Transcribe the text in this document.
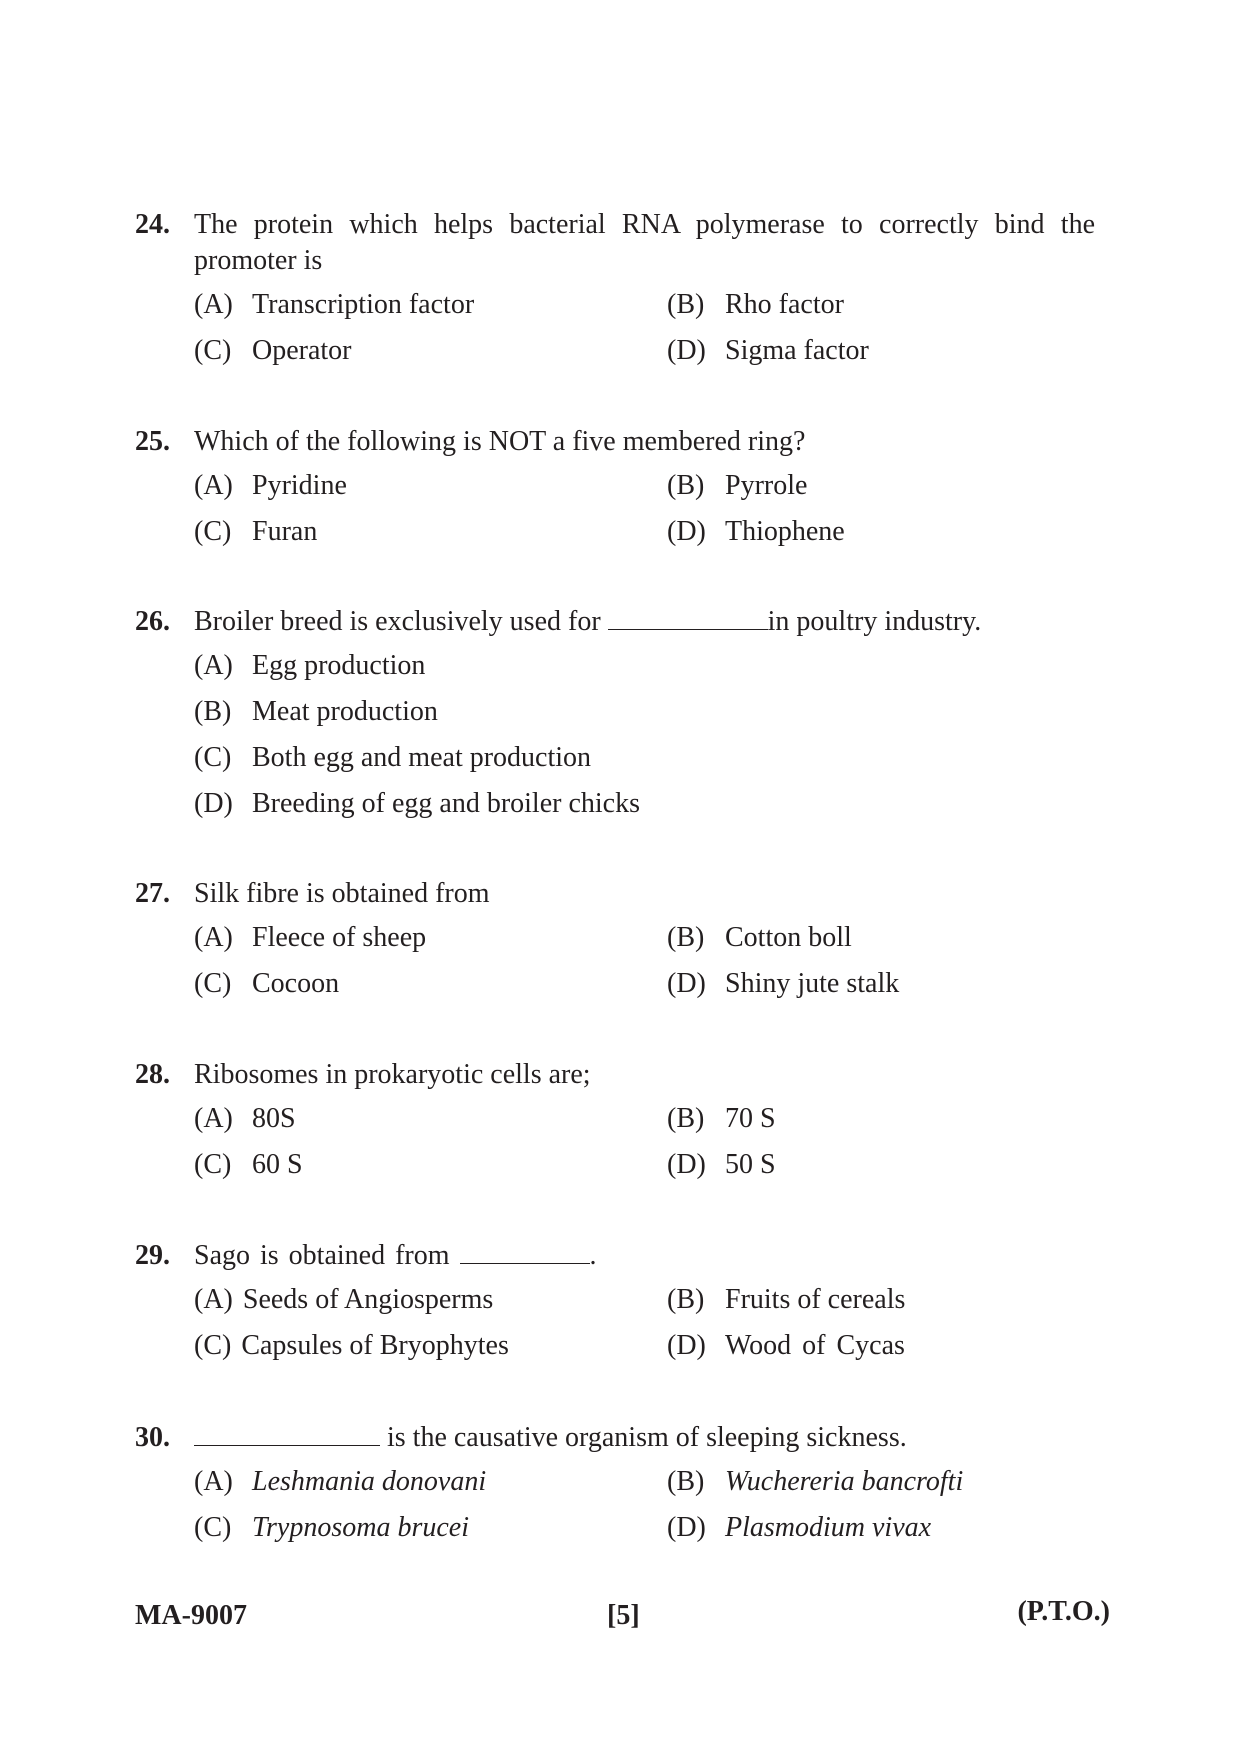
24. The protein which helps bacterial RNA polymerase to correctly bind the
promoter is
(A) Transcription factor	(B) Rho factor
(C) Operator	(D) Sigma factor
25. Which of the following is NOT a five membered ring?
(A) Pyridine	(B) Pyrrole
(C) Furan	(D) Thiophene
26. Broiler breed is exclusively used for	in poultry industry.
(A) Egg production
(B) Meat production
(C) Both egg and meat production
(D) Breeding of egg and broiler chicks
27. Silk fibre is obtained from
(A) Fleece of sheep	(B) Cotton boll
(C) Cocoon	(D) Shiny jute stalk
28. Ribosomes in prokaryotic cells are;
(A) 80S	(B) 70 S
(C) 60 S	(D) 50 S
29. Sago is obtained from	.
(A) Seeds of Angiosperms	(B) Fruits of cereals
(C) Capsules of Bryophytes	(D) Wood of Cycas
30.	is the causative organism of sleeping sickness.
(A) Leshmania donovani	(B) Wuchereria bancrofti
(C) Trypnosoma brucei	(D) Plasmodium vivax
MA-9007	[5]	(P.T.O.)
